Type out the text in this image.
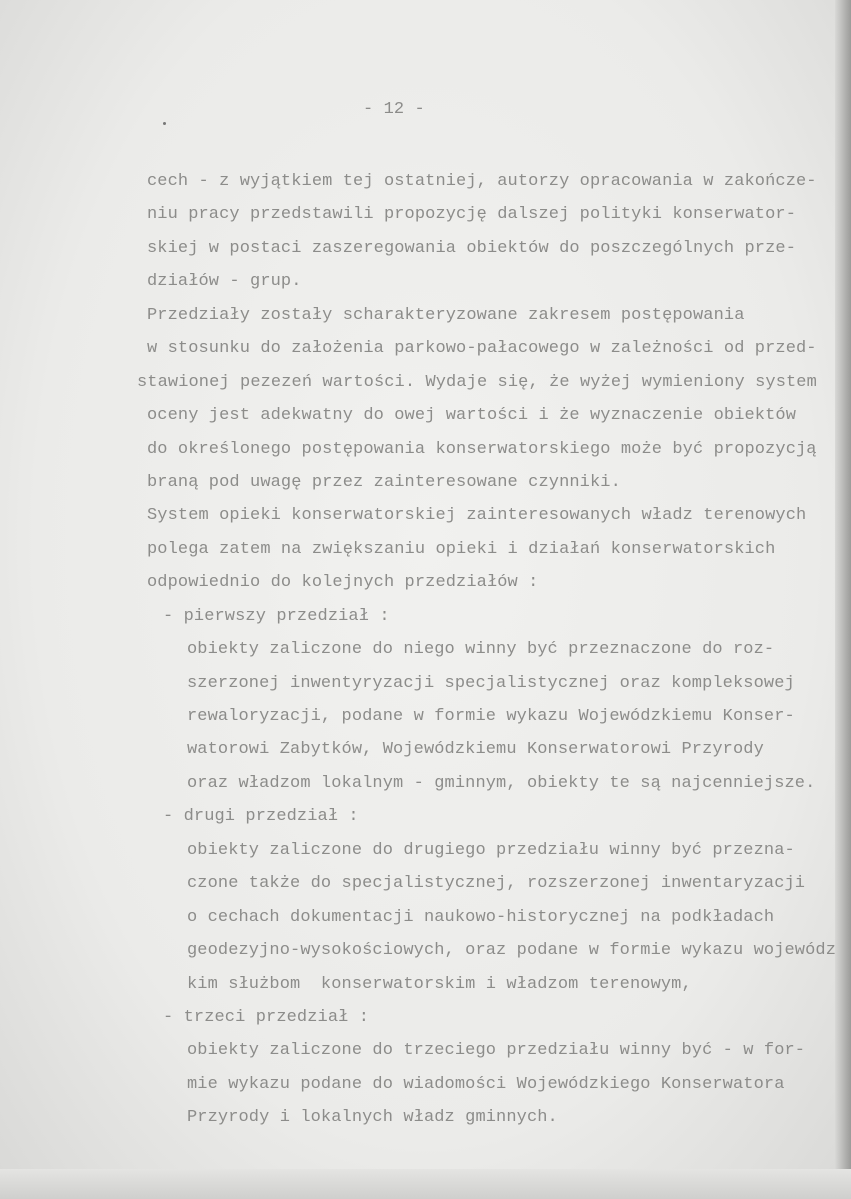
- 12 -
cech - z wyjątkiem tej ostatniej, autorzy opracowania w zakończe-
niu pracy przedstawili propozycję dalszej polityki konserwator-
skiej w postaci zaszeregowania obiektów do poszczególnych prze-
działów - grup.
Przedziały zostały scharakteryzowane zakresem postępowania
w stosunku do założenia parkowo-pałacowego w zależności od przed-
stawionej pezezeń wartości. Wydaje się, że wyżej wymieniony system
oceny jest adekwatny do owej wartości i że wyznaczenie obiektów
do określonego postępowania konserwatorskiego może być propozycją
braną pod uwagę przez zainteresowane czynniki.
System opieki konserwatorskiej zainteresowanych władz terenowych
polega zatem na zwiększaniu opieki i działań konserwatorskich
odpowiednio do kolejnych przedziałów :
- pierwszy przedział :
obiekty zaliczone do niego winny być przeznaczone do roz-
szerzonej inwentyryzacji specjalistycznej oraz kompleksowej
rewaloryzacji, podane w formie wykazu Wojewódzkiemu Konser-
watorowi Zabytków, Wojewódzkiemu Konserwatorowi Przyrody
oraz władzom lokalnym - gminnym, obiekty te są najcenniejsze.
- drugi przedział :
obiekty zaliczone do drugiego przedziału winny być przezna-
czone także do specjalistycznej, rozszerzonej inwentaryzacji
o cechach dokumentacji naukowo-historycznej na podkładach
geodezyjno-wysokościowych, oraz podane w formie wykazu wojewódz
kim służbom  konserwatorskim i władzom terenowym,
- trzeci przedział :
obiekty zaliczone do trzeciego przedziału winny być - w for-
mie wykazu podane do wiadomości Wojewódzkiego Konserwatora
Przyrody i lokalnych władz gminnych.
